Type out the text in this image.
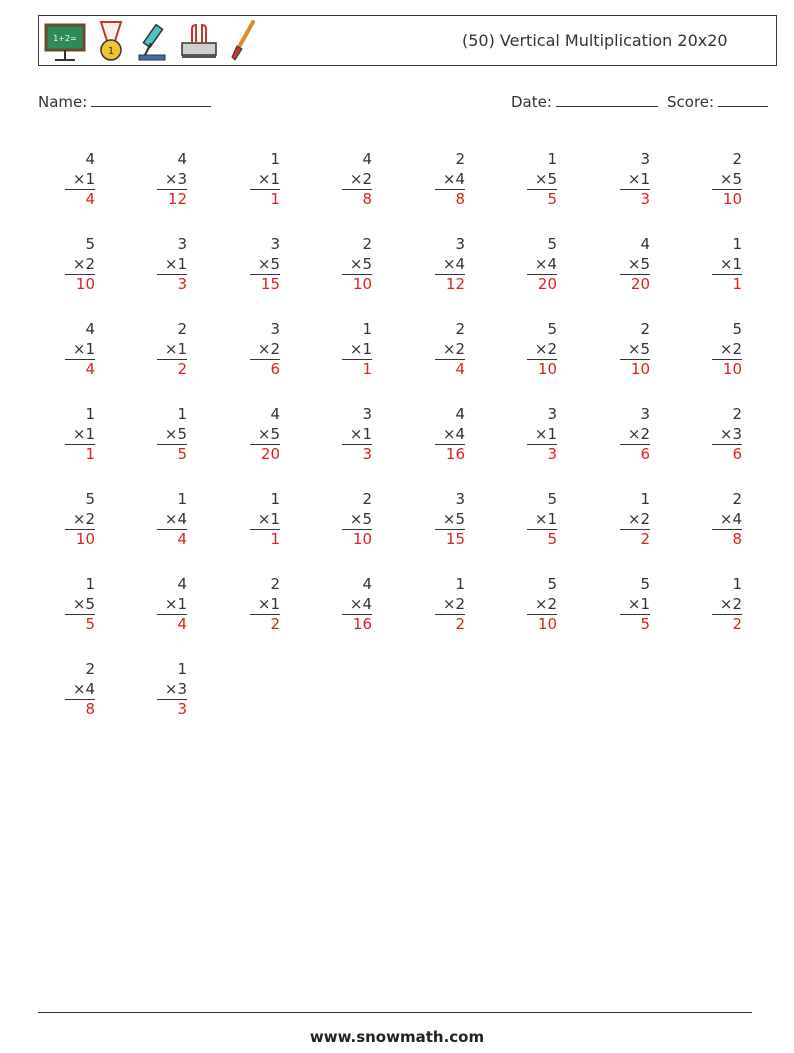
1+2=
1
(50) Vertical Multiplication 20x20
Name:	Date:	Score:
4
×1
4
4
×3
12
1
×1
1
4
×2
8
2
×4
8
1
×5
5
3
×1
3
2
×5
10
5
×2
10
3
×1
3
3
×5
15
2
×5
10
3
×4
12
5
×4
20
4
×5
20
1
×1
1
4
×1
4
2
×1
2
3
×2
6
1
×1
1
2
×2
4
5
×2
10
2
×5
10
5
×2
10
1
×1
1
1
×5
5
4
×5
20
3
×1
3
4
×4
16
3
×1
3
3
×2
6
2
×3
6
5
×2
10
1
×4
4
1
×1
1
2
×5
10
3
×5
15
5
×1
5
1
×2
2
2
×4
8
1
×5
5
4
×1
4
2
×1
2
4
×4
16
1
×2
2
5
×2
10
5
×1
5
1
×2
2
2
×4
8
1
×3
3
www.snowmath.com
